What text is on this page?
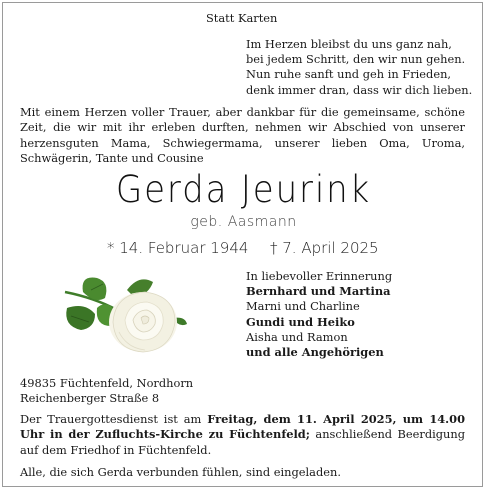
Statt Karten
Im Herzen bleibst du uns ganz nah,
bei jedem Schritt, den wir nun gehen.
Nun ruhe sanft und geh in Frieden,
denk immer dran, dass wir dich lieben.
Mit einem Herzen voller Trauer, aber dankbar für die gemeinsame, schöne Zeit, die wir mit ihr erleben durften, nehmen wir Abschied von unserer herzensguten Mama, Schwiegermama, unserer lieben Oma, Uroma, Schwägerin, Tante und Cousine
Gerda Jeurink
geb. Aasmann
* 14. Februar 1944 † 7. April 2025
In liebevoller Erinnerung
Bernhard und Martina
Marni und Charline
Gundi und Heiko
Aisha und Ramon
und alle Angehörigen
49835 Füchtenfeld, Nordhorn
Reichenberger Straße 8
Der Trauergottesdienst ist am Freitag, dem 11. April 2025, um 14.00 Uhr in der Zufluchts-Kirche zu Füchtenfeld; anschließend Beerdigung auf dem Friedhof in Füchtenfeld.
Alle, die sich Gerda verbunden fühlen, sind eingeladen.
